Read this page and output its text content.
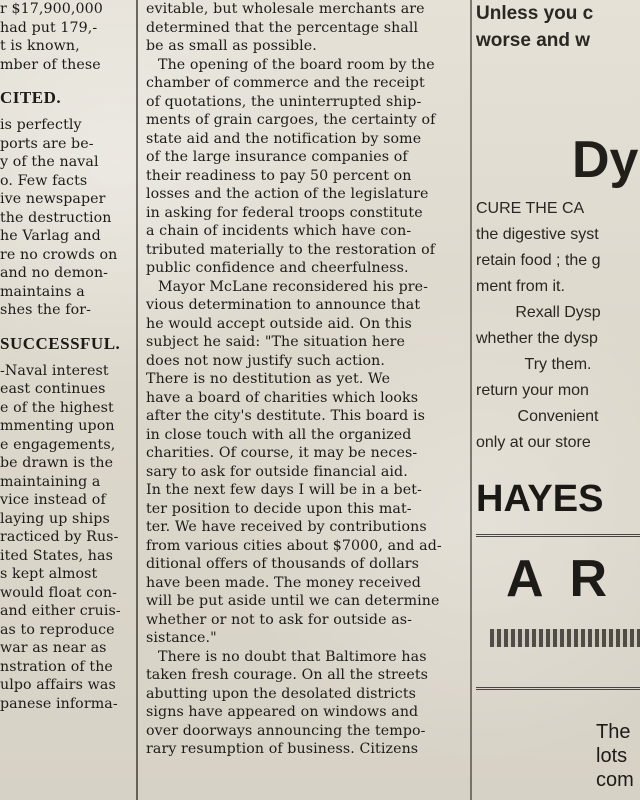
r $17,900,000
had put 179,-
t is known,
mber of these
CITED.
is perfectly
ports are be-
y of the naval
o. Few facts
ive newspaper
the destruction
he Varlag and
re no crowds on
and no demon-
maintains a
shes the for-
SUCCESSFUL.
-Naval interest
east continues
e of the highest
mmenting upon
e engagements,
be drawn is the
maintaining a
vice instead of
laying up ships
racticed by Rus-
ited States, has
s kept almost
would float con-
and either cruis-
as to reproduce
war as near as
nstration of the
ulpo affairs was
panese informa-
evitable, but wholesale merchants are
determined that the percentage shall
be as small as possible.
The opening of the board room by the
chamber of commerce and the receipt
of quotations, the uninterrupted ship-
ments of grain cargoes, the certainty of
state aid and the notification by some
of the large insurance companies of
their readiness to pay 50 percent on
losses and the action of the legislature
in asking for federal troops constitute
a chain of incidents which have con-
tributed materially to the restoration of
public confidence and cheerfulness.
Mayor McLane reconsidered his pre-
vious determination to announce that
he would accept outside aid. On this
subject he said: "The situation here
does not now justify such action.
There is no destitution as yet. We
have a board of charities which looks
after the city's destitute. This board is
in close touch with all the organized
charities. Of course, it may be neces-
sary to ask for outside financial aid.
In the next few days I will be in a bet-
ter position to decide upon this mat-
ter. We have received by contributions
from various cities about $7000, and ad-
ditional offers of thousands of dollars
have been made. The money received
will be put aside until we can determine
whether or not to ask for outside as-
sistance."
There is no doubt that Baltimore has
taken fresh courage. On all the streets
abutting upon the desolated districts
signs have appeared on windows and
over doorways announcing the tempo-
rary resumption of business. Citizens
Unless you c
worse and w
Dy
CURE THE CA
the digestive syst
retain food ; the g
ment from it.
Rexall Dysp
whether the dysp
Try them.
return your mon
Convenient
only at our store
HAYES
AR
The
lots
com
